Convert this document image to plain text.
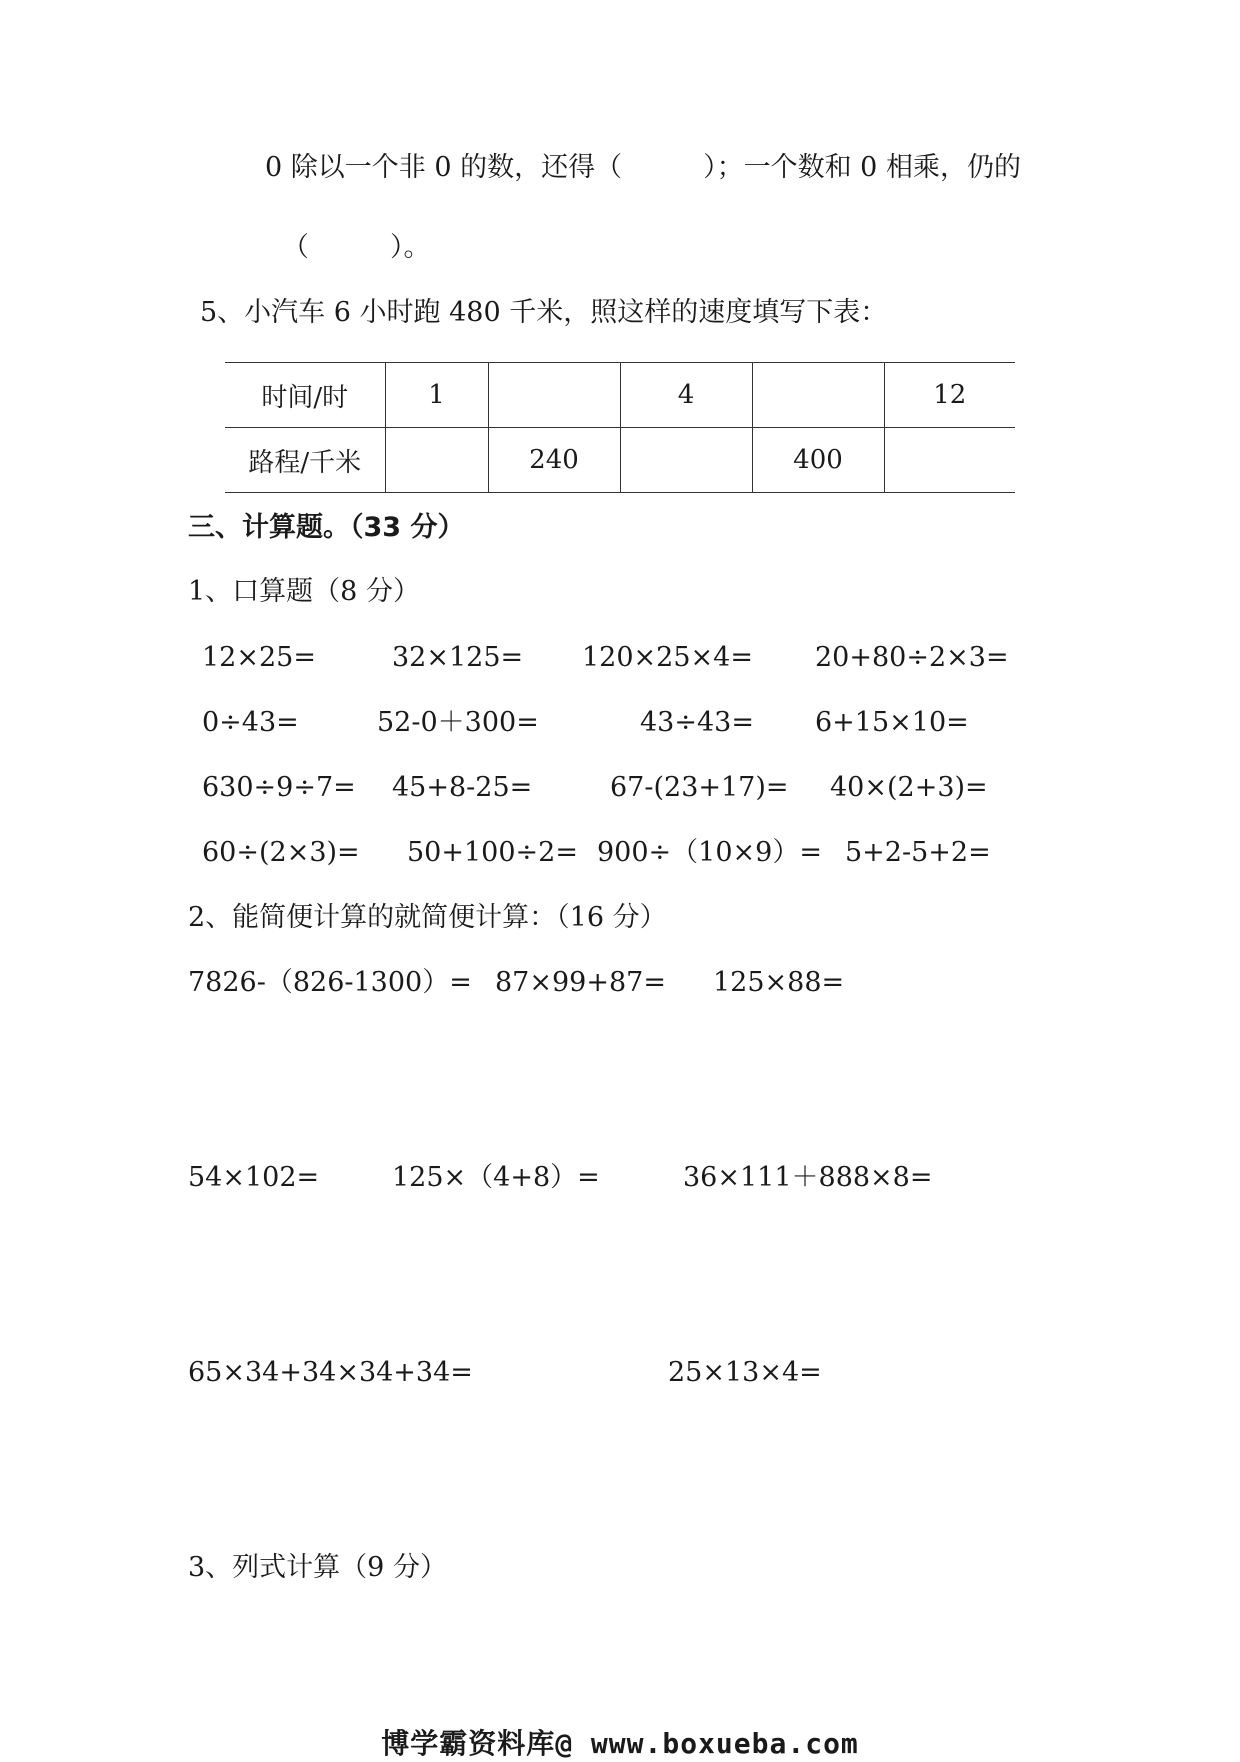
0 除以一个非 0 的数，还得（　　　）；一个数和 0 相乘，仍的
（　　　）。
5、小汽车 6 小时跑 480 千米，照这样的速度填写下表：
时间/时	1		4		12
路程/千米		240		400	
三、计算题。（33 分）
1、口算题（8 分）
12×25=	32×125= 120×25×4= 20+80÷2×3=
0÷43=	52-0＋300=	43÷43= 6+15×10=
630÷9÷7= 45+8-25=	67-(23+17)= 40×(2+3)=
60÷(2×3)= 50+100÷2= 900÷（10×9）= 5+2-5+2=
2、能简便计算的就简便计算：（16 分）
7826-（826-1300）= 87×99+87= 125×88=
54×102=	125×（4+8）=	36×111＋888×8=
65×34+34×34+34=	25×13×4=
3、列式计算（9 分）
博学霸资料库@ www.boxueba.com
